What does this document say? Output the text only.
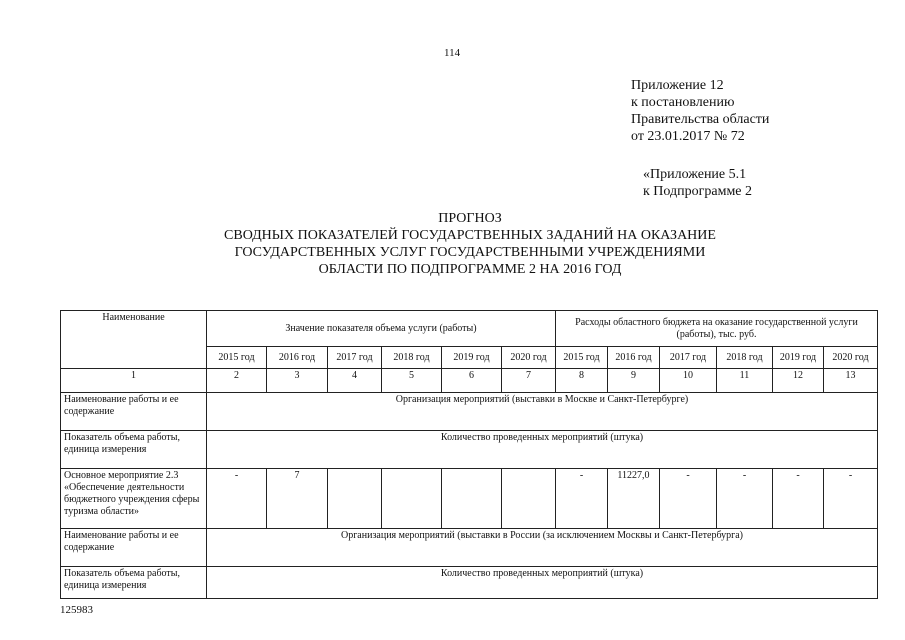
114
Приложение 12
к постановлению
Правительства области
от 23.01.2017 № 72
«Приложение 5.1
к Подпрограмме 2
ПРОГНОЗ
СВОДНЫХ ПОКАЗАТЕЛЕЙ ГОСУДАРСТВЕННЫХ ЗАДАНИЙ НА ОКАЗАНИЕ
ГОСУДАРСТВЕННЫХ УСЛУГ ГОСУДАРСТВЕННЫМИ УЧРЕЖДЕНИЯМИ
ОБЛАСТИ ПО ПОДПРОГРАММЕ 2 НА 2016 ГОД
Наименование	Значение показателя объема услуги (работы)						Расходы областного бюджета на оказание государственной услуги (работы), тыс. руб.					
	2015 год	2016 год	2017 год	2018 год	2019 год	2020 год	2015 год	2016 год	2017 год	2018 год	2019 год	2020 год
1	2	3	4	5	6	7	8	9	10	11	12	13
Наименование работы и ее содержание	Организация мероприятий (выставки в Москве и Санкт-Петербурге)											
Показатель объема работы, единица измерения	Количество проведенных мероприятий (штука)											
Основное мероприятие 2.3 «Обеспечение деятельности бюджетного учреждения сферы туризма области»	-	7					-	11227,0	-	-	-	-
Наименование работы и ее содержание	Организация мероприятий (выставки в России (за исключением Москвы и Санкт-Петербурга)											
Показатель объема работы, единица измерения	Количество проведенных мероприятий (штука)											
125983
